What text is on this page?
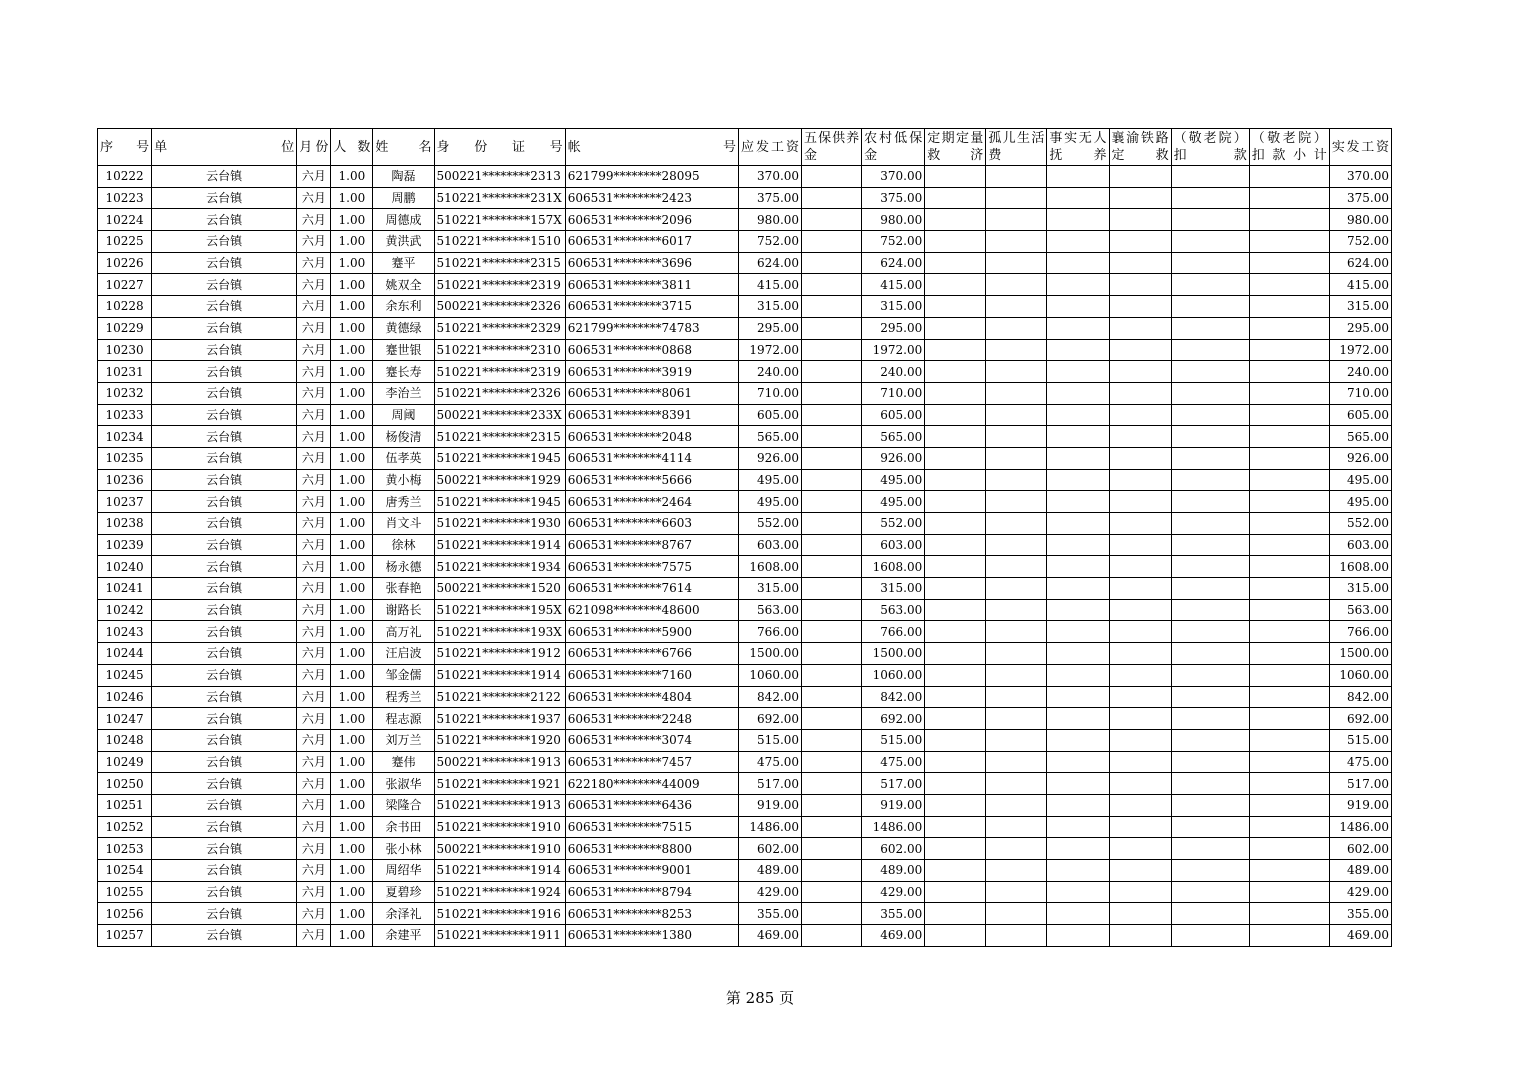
序号	单位	月份	人数	姓名	身份证号	帐号	应发工资	五保供养金	农村低保金	定期定量救济	孤儿生活费	事实无人抚养	襄渝铁路定救	（敬老院）扣款	（敬老院）扣款小计	实发工资
10222	云台镇	六月	1.00	陶磊	500221********2313	621799********28095	370.00		370.00							370.00
10223	云台镇	六月	1.00	周鹏	510221********231X	606531********2423	375.00		375.00							375.00
10224	云台镇	六月	1.00	周德成	510221********157X	606531********2096	980.00		980.00							980.00
10225	云台镇	六月	1.00	黄洪武	510221********1510	606531********6017	752.00		752.00							752.00
10226	云台镇	六月	1.00	蹇平	510221********2315	606531********3696	624.00		624.00							624.00
10227	云台镇	六月	1.00	姚双全	510221********2319	606531********3811	415.00		415.00							415.00
10228	云台镇	六月	1.00	余东利	500221********2326	606531********3715	315.00		315.00							315.00
10229	云台镇	六月	1.00	黄德绿	510221********2329	621799********74783	295.00		295.00							295.00
10230	云台镇	六月	1.00	蹇世银	510221********2310	606531********0868	1972.00		1972.00							1972.00
10231	云台镇	六月	1.00	蹇长寿	510221********2319	606531********3919	240.00		240.00							240.00
10232	云台镇	六月	1.00	李治兰	510221********2326	606531********8061	710.00		710.00							710.00
10233	云台镇	六月	1.00	周阈	500221********233X	606531********8391	605.00		605.00							605.00
10234	云台镇	六月	1.00	杨俊清	510221********2315	606531********2048	565.00		565.00							565.00
10235	云台镇	六月	1.00	伍孝英	510221********1945	606531********4114	926.00		926.00							926.00
10236	云台镇	六月	1.00	黄小梅	500221********1929	606531********5666	495.00		495.00							495.00
10237	云台镇	六月	1.00	唐秀兰	510221********1945	606531********2464	495.00		495.00							495.00
10238	云台镇	六月	1.00	肖文斗	510221********1930	606531********6603	552.00		552.00							552.00
10239	云台镇	六月	1.00	徐林	510221********1914	606531********8767	603.00		603.00							603.00
10240	云台镇	六月	1.00	杨永德	510221********1934	606531********7575	1608.00		1608.00							1608.00
10241	云台镇	六月	1.00	张春艳	500221********1520	606531********7614	315.00		315.00							315.00
10242	云台镇	六月	1.00	谢路长	510221********195X	621098********48600	563.00		563.00							563.00
10243	云台镇	六月	1.00	高万礼	510221********193X	606531********5900	766.00		766.00							766.00
10244	云台镇	六月	1.00	汪启波	510221********1912	606531********6766	1500.00		1500.00							1500.00
10245	云台镇	六月	1.00	邹金儒	510221********1914	606531********7160	1060.00		1060.00							1060.00
10246	云台镇	六月	1.00	程秀兰	510221********2122	606531********4804	842.00		842.00							842.00
10247	云台镇	六月	1.00	程志源	510221********1937	606531********2248	692.00		692.00							692.00
10248	云台镇	六月	1.00	刘万兰	510221********1920	606531********3074	515.00		515.00							515.00
10249	云台镇	六月	1.00	蹇伟	500221********1913	606531********7457	475.00		475.00							475.00
10250	云台镇	六月	1.00	张淑华	510221********1921	622180********44009	517.00		517.00							517.00
10251	云台镇	六月	1.00	梁隆合	510221********1913	606531********6436	919.00		919.00							919.00
10252	云台镇	六月	1.00	余书田	510221********1910	606531********7515	1486.00		1486.00							1486.00
10253	云台镇	六月	1.00	张小林	500221********1910	606531********8800	602.00		602.00							602.00
10254	云台镇	六月	1.00	周绍华	510221********1914	606531********9001	489.00		489.00							489.00
10255	云台镇	六月	1.00	夏碧珍	510221********1924	606531********8794	429.00		429.00							429.00
10256	云台镇	六月	1.00	余泽礼	510221********1916	606531********8253	355.00		355.00							355.00
10257	云台镇	六月	1.00	余建平	510221********1911	606531********1380	469.00		469.00							469.00
第 285 页
